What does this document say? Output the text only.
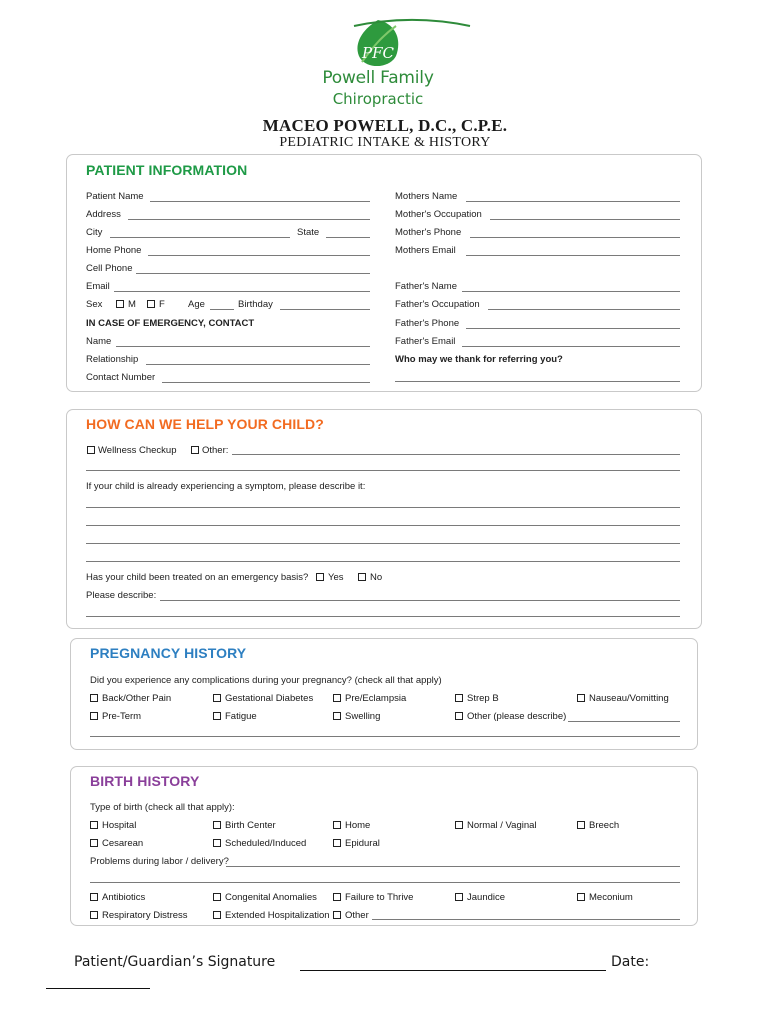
PFC
Powell Family
Chiropractic
MACEO POWELL, D.C., C.P.E.
PEDIATRIC INTAKE & HISTORY
PATIENT INFORMATION
Patient Name
Address
City	State
Home Phone
Cell Phone
Email
Sex	M F Age	Birthday
IN CASE OF EMERGENCY, CONTACT
Name
Relationship
Contact Number
Mothers Name
Mother's Occupation
Mother's Phone
Mothers Email
Father's Name
Father's Occupation
Father's Phone
Father's Email
Who may we thank for referring you?
HOW CAN WE HELP YOUR CHILD?
Wellness Checkup	Other:
If your child is already experiencing a symptom, please describe it:
Has your child been treated on an emergency basis? Yes	No
Please describe:
PREGNANCY HISTORY
Did you experience any complications during your pregnancy? (check all that apply)
Back/Other Pain	Gestational Diabetes	Pre/Eclampsia	Strep B	Nauseau/Vomitting
Pre-Term	Fatigue	Swelling	Other (please describe)
BIRTH HISTORY
Type of birth (check all that apply):
Hospital	Birth Center	Home	Normal / Vaginal	Breech
Cesarean	Scheduled/Induced	Epidural
Problems during labor / delivery?
Antibiotics	Congenital Anomalies	Failure to Thrive	Jaundice	Meconium
Respiratory Distress	Extended Hospitalization Other
Patient/Guardian’s Signature	Date:
